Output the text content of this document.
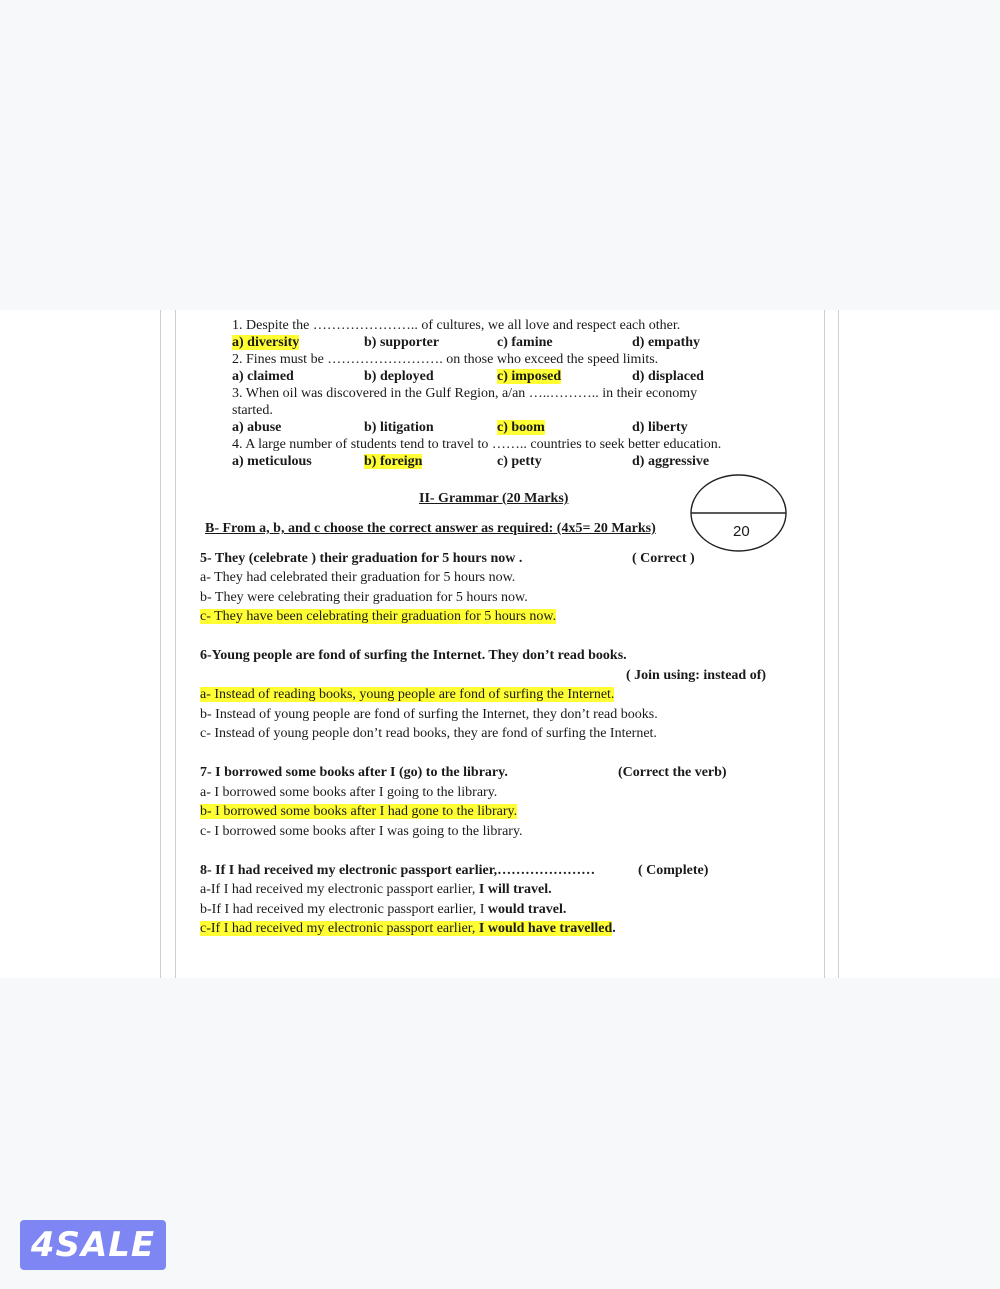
1. Despite the ………………….. of cultures, we all love and respect each other.
a) diversity	b) supporter	c) famine	d) empathy
2. Fines must be ……………………. on those who exceed the speed limits.
a) claimed	b) deployed	c) imposed	d) displaced
3. When oil was discovered in the Gulf Region, a/an …..……….. in their economy
started.
a) abuse	b) litigation	c) boom	d) liberty
4. A large number of students tend to travel to …….. countries to seek better education.
a) meticulous	b) foreign	c) petty	d) aggressive
II- Grammar (20 Marks)
B- From a, b, and c choose the correct answer as required: (4x5= 20 Marks)	20
5- They (celebrate ) their graduation for 5 hours now .	( Correct )
a- They had celebrated their graduation for 5 hours now.
b- They were celebrating their graduation for 5 hours now.
c- They have been celebrating their graduation for 5 hours now.
6-Young people are fond of surfing the Internet. They don’t read books.
( Join using: instead of)
a- Instead of reading books, young people are fond of surfing the Internet.
b- Instead of young people are fond of surfing the Internet, they don’t read books.
c- Instead of young people don’t read books, they are fond of surfing the Internet.
7- I borrowed some books after I (go) to the library.	(Correct the verb)
a- I borrowed some books after I going to the library.
b- I borrowed some books after I had gone to the library.
c- I borrowed some books after I was going to the library.
8- If I had received my electronic passport earlier,…………………	( Complete)
a-If I had received my electronic passport earlier, I will travel.
b-If I had received my electronic passport earlier, I would travel.
c-If I had received my electronic passport earlier, I would have travelled.
4SALE
